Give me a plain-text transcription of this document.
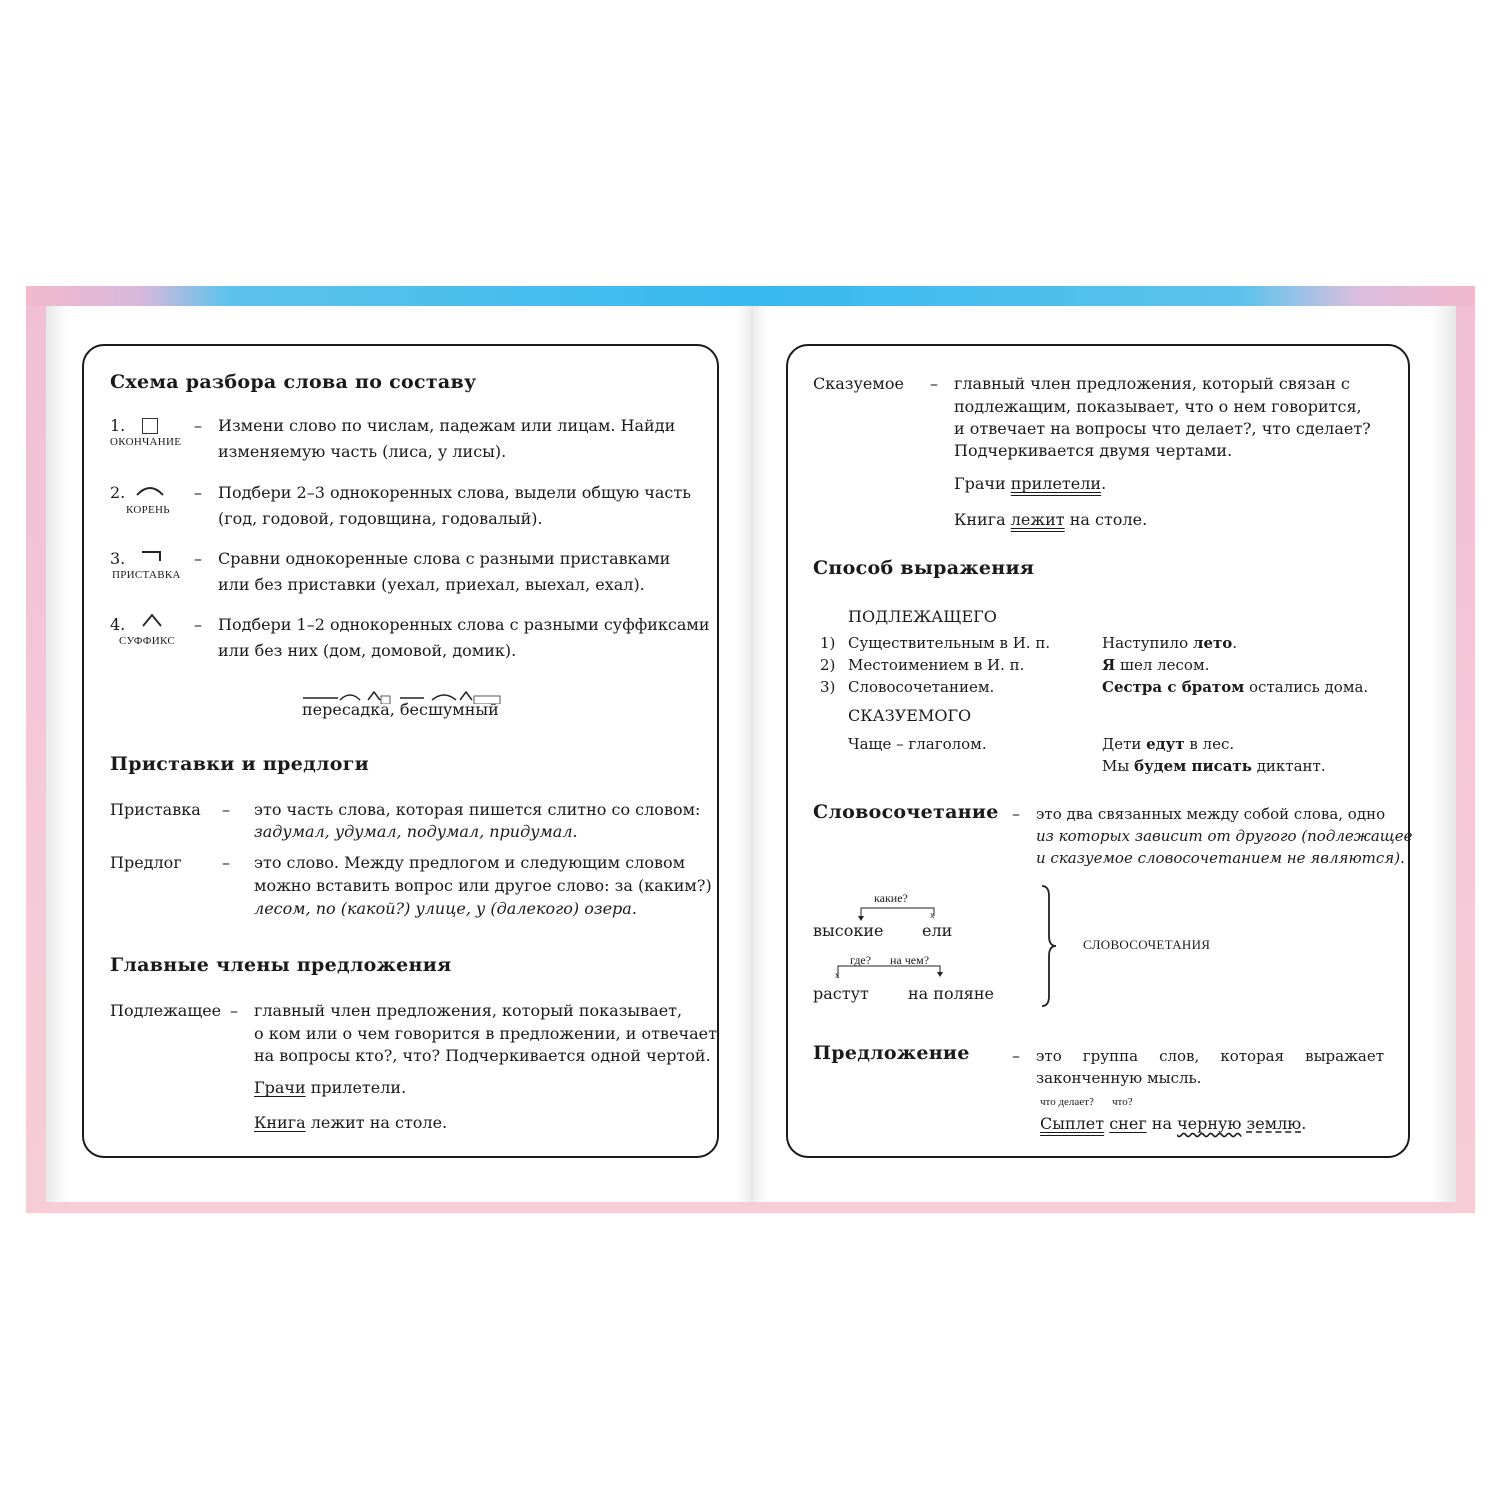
Схема разбора слова по составу
1.
ОКОНЧАНИЕ
– Измени слово по числам, падежам или лицам. Найди
изменяемую часть (лиса, у лисы).
2.
КОРЕНЬ
– Подбери 2–3 однокоренных слова, выдели общую часть
(год, годовой, годовщина, годовалый).
3.
ПРИСТАВКА
– Сравни однокоренные слова с разными приставками
или без приставки (уехал, приехал, выехал, ехал).
4.
СУФФИКС
– Подбери 1–2 однокоренных слова с разными суффиксами
или без них (дом, домовой, домик).
пересадка, бесшумный
Приставки и предлоги
Приставка – это часть слова, которая пишется слитно со словом:
задумал, удумал, подумал, придумал.
Предлог	– это слово. Между предлогом и следующим словом
можно вставить вопрос или другое слово: за (каким?)
лесом, по (какой?) улице, у (далекого) озера.
Главные члены предложения
Подлежащее – главный член предложения, который показывает,
о ком или о чем говорится в предложении, и отвечает
на вопросы кто?, что? Подчеркивается одной чертой.
Грачи прилетели.
Книга лежит на столе.
Сказуемое – главный член предложения, который связан с
подлежащим, показывает, что о нем говорится,
и отвечает на вопросы что делает?, что сделает?
Подчеркивается двумя чертами.
Грачи прилетели.
Книга лежит на столе.
Способ выражения
ПОДЛЕЖАЩЕГО
1) Существительным в И. п.	Наступило лето.
2) Местоимением в И. п.	Я шел лесом.
3) Словосочетанием.	Сестра с братом остались дома.
СКАЗУЕМОГО
Чаще – глаголом.	Дети едут в лес.
Мы будем писать диктант.
Словосочетание – это два связанных между собой слова, одно
из которых зависит от другого (подлежащее
и сказуемое словосочетанием не являются).
какие?
x
высокие ели
где? на чем?
x
растут на поляне
СЛОВОСОЧЕТАНИЯ
Предложение	– это группа слов, которая выражает
законченную мысль.
что делает? что?
Сыплет снег на черную землю.
